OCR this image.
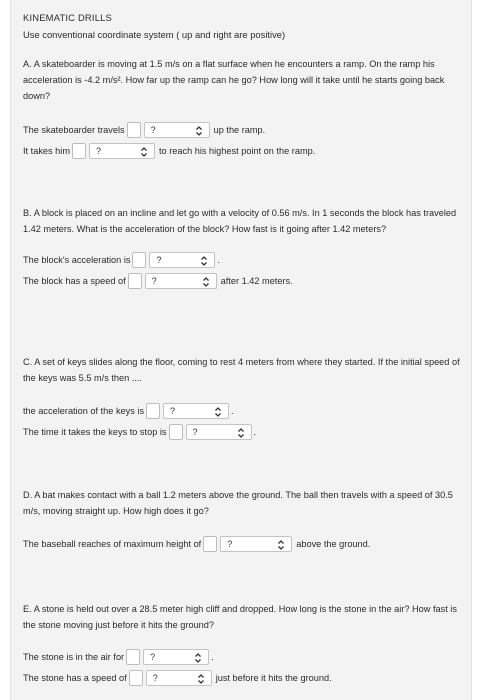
KINEMATIC DRILLS
Use conventional coordinate system ( up and right are positive)

A. A skateboarder is moving at 1.5 m/s on a flat surface when he encounters a ramp. On the ramp his acceleration is -4.2 m/s². How far up the ramp can he go? How long will it take until he starts going back down?

The skateboarder travels	?	up the ramp.
It takes him	?	to reach his highest point on the ramp.

B. A block is placed on an incline and let go with a velocity of 0.56 m/s. In 1 seconds the block has traveled 1.42 meters. What is the acceleration of the block? How fast is it going after 1.42 meters?

The block's acceleration is	?	.
The block has a speed of	?	after 1.42 meters.

C. A set of keys slides along the floor, coming to rest 4 meters from where they started. If the initial speed of the keys was 5.5 m/s then ....

the acceleration of the keys is	?	.
The time it takes the keys to stop is	?	.

D. A bat makes contact with a ball 1.2 meters above the ground. The ball then travels with a speed of 30.5 m/s, moving straight up. How high does it go?

The baseball reaches of maximum height of	?	above the ground.

E. A stone is held out over a 28.5 meter high cliff and dropped. How long is the stone in the air? How fast is the stone moving just before it hits the ground?

The stone is in the air for	?	.
The stone has a speed of	?	just before it hits the ground.
